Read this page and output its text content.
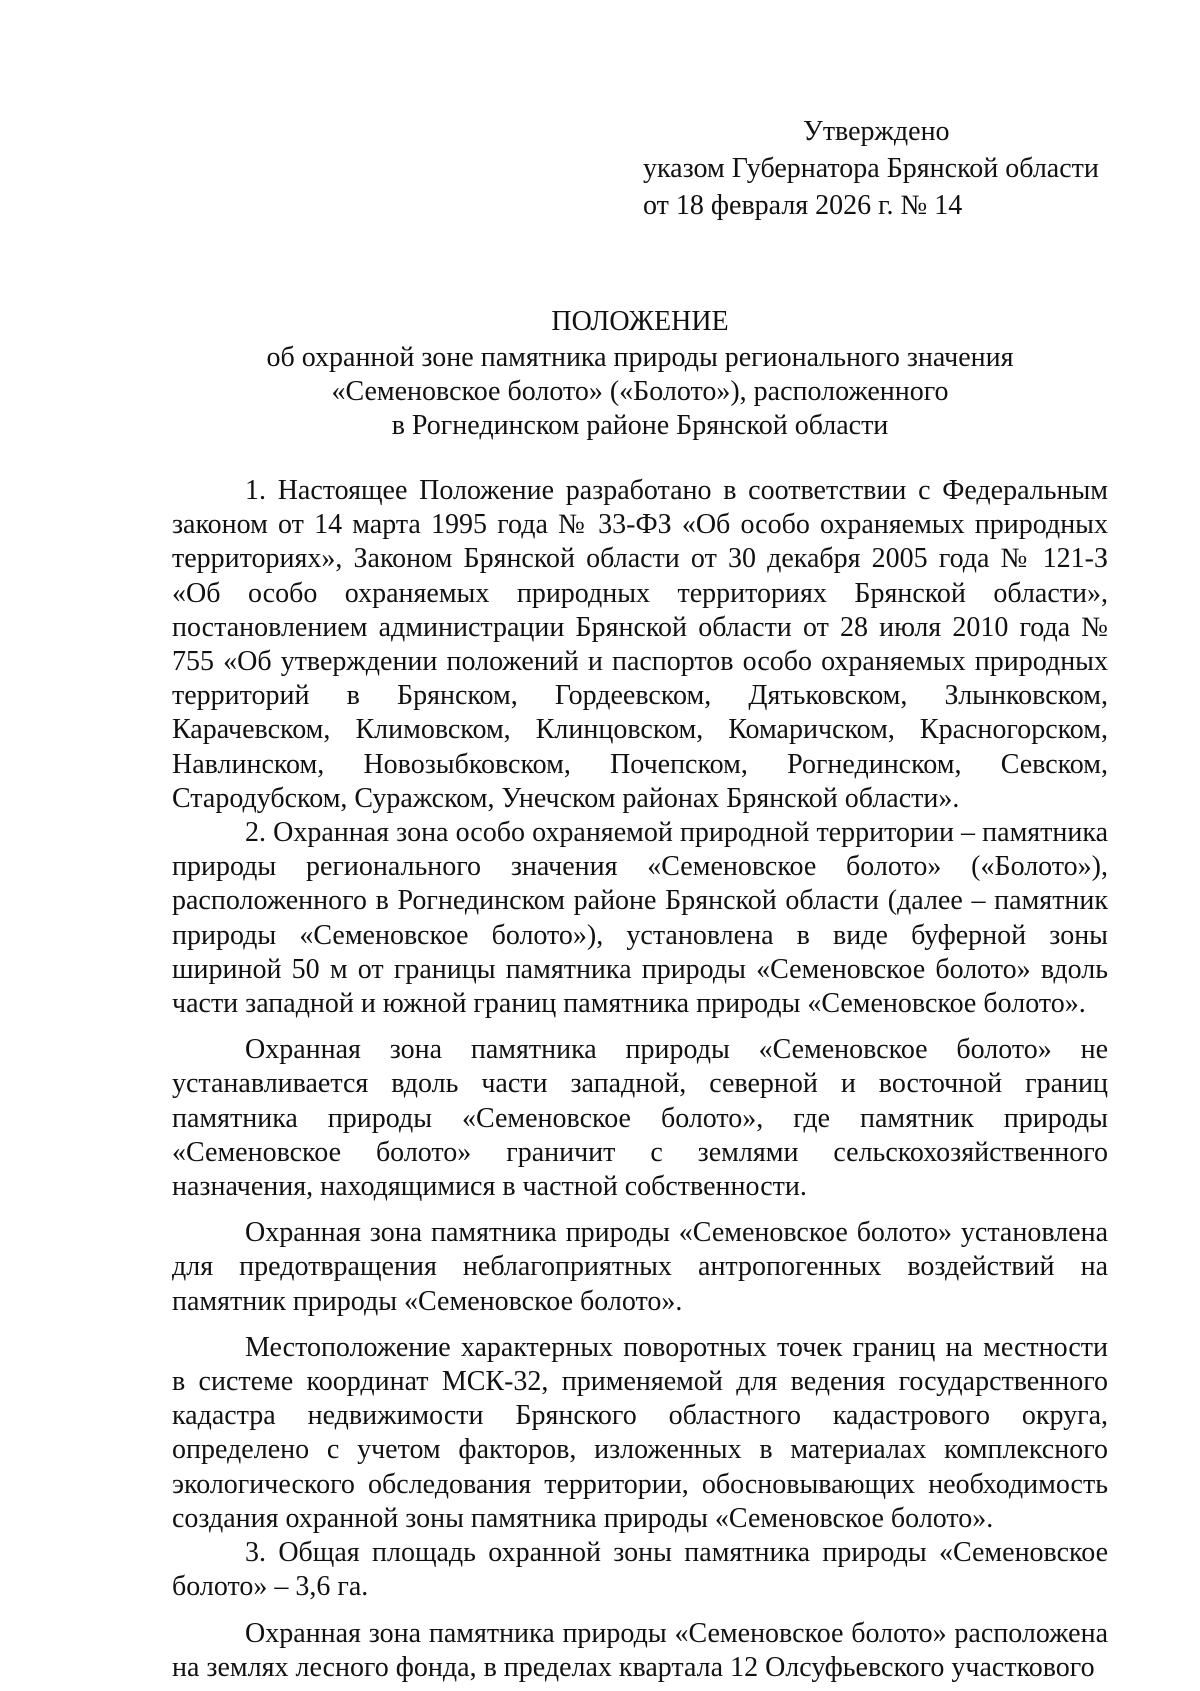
Утверждено
указом Губернатора Брянской области
от 18 февраля 2026 г. № 14
ПОЛОЖЕНИЕ
об охранной зоне памятника природы регионального значения
«Семеновское болото» («Болото»), расположенного
в Рогнединском районе Брянской области

1. Настоящее Положение разработано в соответствии с Федеральным законом от 14 марта 1995 года № 33-ФЗ «Об особо охраняемых природных территориях», Законом Брянской области от 30 декабря 2005 года № 121-З «Об особо охраняемых природных территориях Брянской области», постановлением администрации Брянской области от 28 июля 2010 года № 755 «Об утверждении положений и паспортов особо охраняемых природных территорий в Брянском, Гордеевском, Дятьковском, Злынковском, Карачевском, Климовском, Клинцовском, Комаричском, Красногорском, Навлинском, Новозыбковском, Почепском, Рогнединском, Севском, Стародубском, Суражском, Унечском районах Брянской области».

2. Охранная зона особо охраняемой природной территории – памятника природы регионального значения «Семеновское болото» («Болото»), расположенного в Рогнединском районе Брянской области (далее – памятник природы «Семеновское болото»), установлена в виде буферной зоны шириной 50 м от границы памятника природы «Семеновское болото» вдоль части западной и южной границ памятника природы «Семеновское болото».

Охранная зона памятника природы «Семеновское болото» не устанавливается вдоль части западной, северной и восточной границ памятника природы «Семеновское болото», где памятник природы «Семеновское болото» граничит с землями сельскохозяйственного назначения, находящимися в частной собственности.

Охранная зона памятника природы «Семеновское болото» установлена для предотвращения неблагоприятных антропогенных воздействий на памятник природы «Семеновское болото».

Местоположение характерных поворотных точек границ на местности в системе координат МСК-32, применяемой для ведения государственного кадастра недвижимости Брянского областного кадастрового округа, определено с учетом факторов, изложенных в материалах комплексного экологического обследования территории, обосновывающих необходимость создания охранной зоны памятника природы «Семеновское болото».

3. Общая площадь охранной зоны памятника природы «Семеновское болото» – 3,6 га.

Охранная зона памятника природы «Семеновское болото» расположена на землях лесного фонда, в пределах квартала 12 Олсуфьевского участкового
